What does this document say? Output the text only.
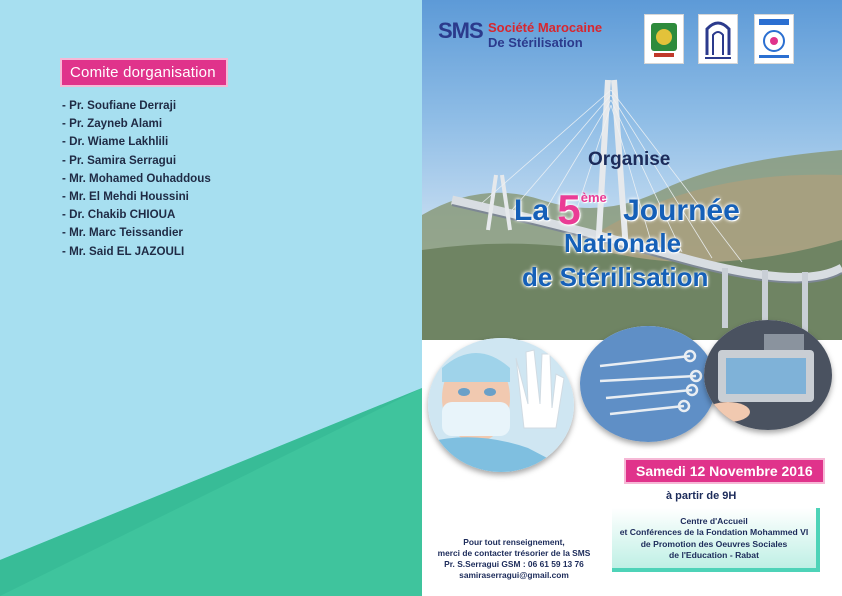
Comite dorganisation
- Pr. Soufiane Derraji
- Pr. Zayneb Alami
- Dr. Wiame Lakhlili
- Pr. Samira Serragui
- Mr. Mohamed Ouhaddous
- Mr. El Mehdi Houssini
- Dr. Chakib CHIOUA
- Mr. Marc Teissandier
- Mr. Said EL JAZOULI
SMS Société Marocaine
De Stérilisation
Organise
La 5ème Journée
Nationale
de Stérilisation
Samedi 12 Novembre 2016
à partir de 9H
Centre d'Accueil
et Conférences de la Fondation Mohammed VI
de Promotion des Oeuvres Sociales
de l'Education - Rabat
Pour tout renseignement,
merci de contacter trésorier de la SMS
Pr. S.Serragui GSM : 06 61 59 13 76
samiraserragui@gmail.com
